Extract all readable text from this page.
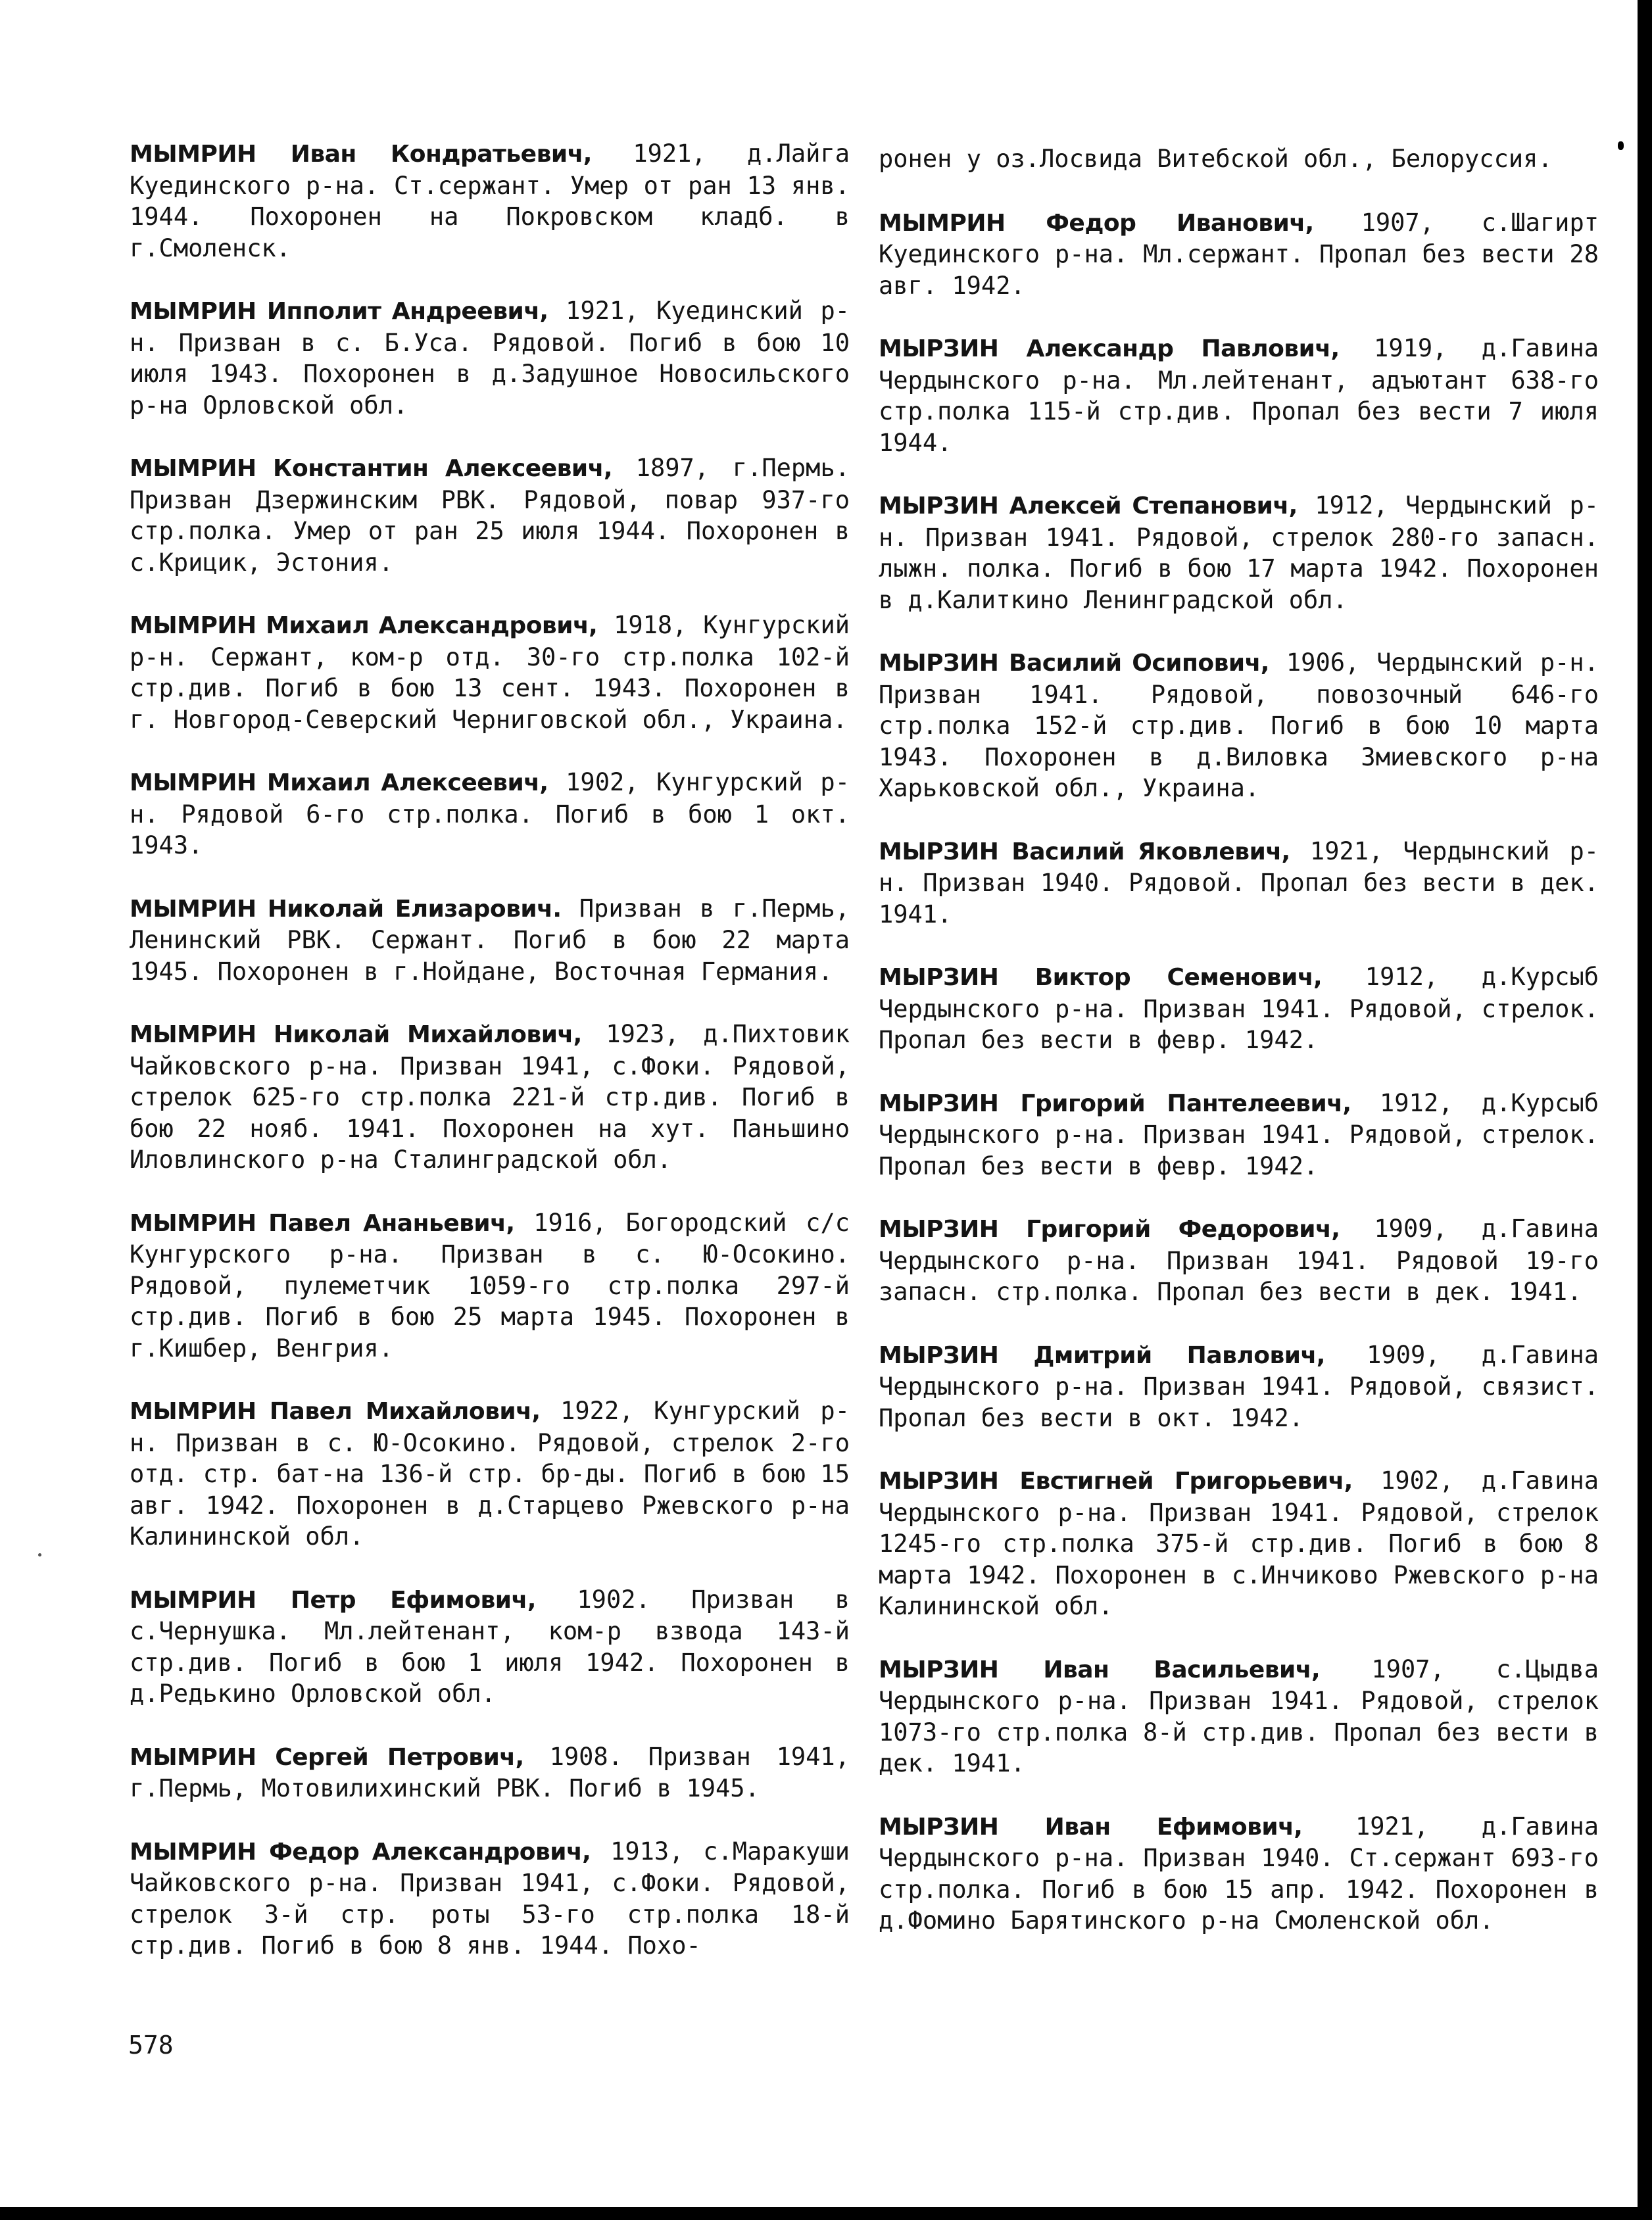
МЫМРИН Иван Кондратьевич, 1921, д.Лайга Куединского р-на. Ст.сержант. Умер от ран 13 янв. 1944. Похоронен на Покровском кладб. в г.Смоленск.

МЫМРИН Ипполит Андреевич, 1921, Куединский р-н. Призван в с. Б.Уса. Рядовой. Погиб в бою 10 июля 1943. Похоронен в д.Задушное Новосильского р-на Орловской обл.

МЫМРИН Константин Алексеевич, 1897, г.Пермь. Призван Дзержинским РВК. Рядовой, повар 937-го стр.полка. Умер от ран 25 июля 1944. Похоронен в с.Крицик, Эстония.

МЫМРИН Михаил Александрович, 1918, Кунгурский р-н. Сержант, ком-р отд. 30-го стр.полка 102-й стр.див. Погиб в бою 13 сент. 1943. Похоронен в г. Новгород-Северский Черниговской обл., Украина.

МЫМРИН Михаил Алексеевич, 1902, Кунгурский р-н. Рядовой 6-го стр.полка. Погиб в бою 1 окт. 1943.

МЫМРИН Николай Елизарович. Призван в г.Пермь, Ленинский РВК. Сержант. Погиб в бою 22 марта 1945. Похоронен в г.Нойдане, Восточная Германия.

МЫМРИН Николай Михайлович, 1923, д.Пихтовик Чайковского р-на. Призван 1941, с.Фоки. Рядовой, стрелок 625-го стр.полка 221-й стр.див. Погиб в бою 22 нояб. 1941. Похоронен на хут. Паньшино Иловлинского р-на Сталинградской обл.

МЫМРИН Павел Ананьевич, 1916, Богородский с/с Кунгурского р-на. Призван в с. Ю-Осокино. Рядовой, пулеметчик 1059-го стр.полка 297-й стр.див. Погиб в бою 25 марта 1945. Похоронен в г.Кишбер, Венгрия.

МЫМРИН Павел Михайлович, 1922, Кунгурский р-н. Призван в с. Ю-Осокино. Рядовой, стрелок 2-го отд. стр. бат-на 136-й стр. бр-ды. Погиб в бою 15 авг. 1942. Похоронен в д.Старцево Ржевского р-на Калининской обл.

МЫМРИН Петр Ефимович, 1902. Призван в с.Чернушка. Мл.лейтенант, ком-р взвода 143-й стр.див. Погиб в бою 1 июля 1942. Похоронен в д.Редькино Орловской обл.

МЫМРИН Сергей Петрович, 1908. Призван 1941, г.Пермь, Мотовилихинский РВК. Погиб в 1945.

МЫМРИН Федор Александрович, 1913, с.Маракуши Чайковского р-на. Призван 1941, с.Фоки. Рядовой, стрелок 3-й стр. роты 53-го стр.полка 18-й стр.див. Погиб в бою 8 янв. 1944. Похо-

ронен у оз.Лосвида Витебской обл., Белоруссия.

МЫМРИН Федор Иванович, 1907, с.Шагирт Куединского р-на. Мл.сержант. Пропал без вести 28 авг. 1942.

МЫРЗИН Александр Павлович, 1919, д.Гавина Чердынского р-на. Мл.лейтенант, адъютант 638-го стр.полка 115-й стр.див. Пропал без вести 7 июля 1944.

МЫРЗИН Алексей Степанович, 1912, Чердынский р-н. Призван 1941. Рядовой, стрелок 280-го запасн. лыжн. полка. Погиб в бою 17 марта 1942. Похоронен в д.Калиткино Ленинградской обл.

МЫРЗИН Василий Осипович, 1906, Чердынский р-н. Призван 1941. Рядовой, повозочный 646-го стр.полка 152-й стр.див. Погиб в бою 10 марта 1943. Похоронен в д.Виловка Змиевского р-на Харьковской обл., Украина.

МЫРЗИН Василий Яковлевич, 1921, Чердынский р-н. Призван 1940. Рядовой. Пропал без вести в дек. 1941.

МЫРЗИН Виктор Семенович, 1912, д.Курсыб Чердынского р-на. Призван 1941. Рядовой, стрелок. Пропал без вести в февр. 1942.

МЫРЗИН Григорий Пантелеевич, 1912, д.Курсыб Чердынского р-на. Призван 1941. Рядовой, стрелок. Пропал без вести в февр. 1942.

МЫРЗИН Григорий Федорович, 1909, д.Гавина Чердынского р-на. Призван 1941. Рядовой 19-го запасн. стр.полка. Пропал без вести в дек. 1941.

МЫРЗИН Дмитрий Павлович, 1909, д.Гавина Чердынского р-на. Призван 1941. Рядовой, связист. Пропал без вести в окт. 1942.

МЫРЗИН Евстигней Григорьевич, 1902, д.Гавина Чердынского р-на. Призван 1941. Рядовой, стрелок 1245-го стр.полка 375-й стр.див. Погиб в бою 8 марта 1942. Похоронен в с.Инчиково Ржевского р-на Калининской обл.

МЫРЗИН Иван Васильевич, 1907, с.Цыдва Чердынского р-на. Призван 1941. Рядовой, стрелок 1073-го стр.полка 8-й стр.див. Пропал без вести в дек. 1941.

МЫРЗИН Иван Ефимович, 1921, д.Гавина Чердынского р-на. Призван 1940. Ст.сержант 693-го стр.полка. Погиб в бою 15 апр. 1942. Похоронен в д.Фомино Барятинского р-на Смоленской обл.

578
